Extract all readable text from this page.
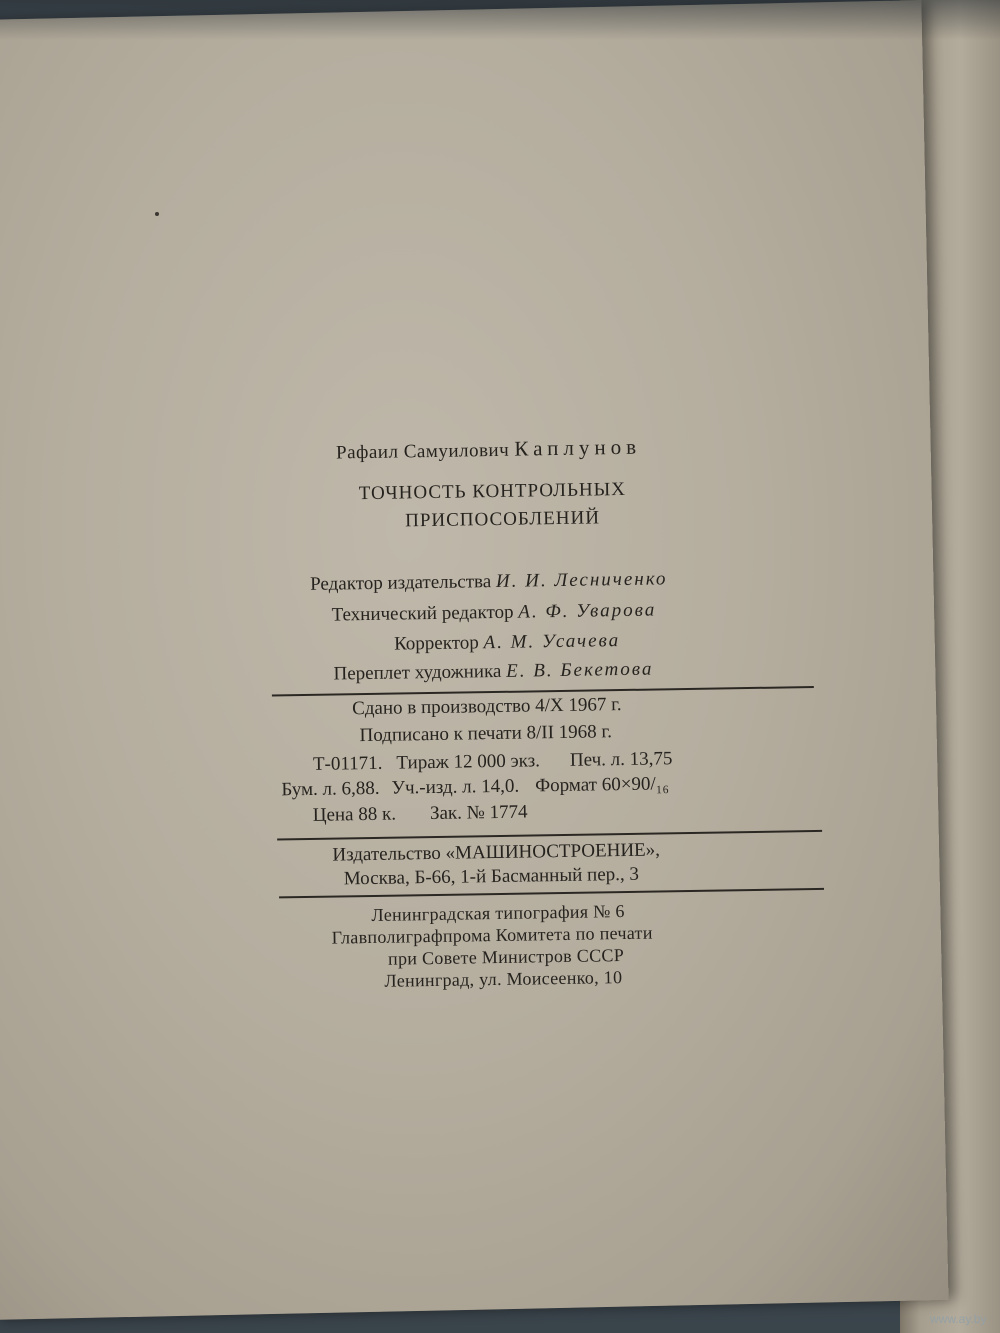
Рафаил Самуилович Каплунов
ТОЧНОСТЬ КОНТРОЛЬНЫХ
ПРИСПОСОБЛЕНИЙ
Редактор издательства И. И. Лесниченко
Технический редактор А. Ф. Уварова
Корректор А. М. Усачева
Переплет художника Е. В. Бекетова
Сдано в производство 4/X 1967 г.
Подписано к печати 8/II 1968 г.
Т-01171. Тираж 12 000 экз. Печ. л. 13,75
Бум. л. 6,88. Уч.-изд. л. 14,0. Формат 60×90/₁₆
Цена 88 к. Зак. № 1774
Издательство «МАШИНОСТРОЕНИЕ»,
Москва, Б-66, 1-й Басманный пер., 3
Ленинградская типография № 6
Главполиграфпрома Комитета по печати
при Совете Министров СССР
Ленинград, ул. Моисеенко, 10
www.ay.by
